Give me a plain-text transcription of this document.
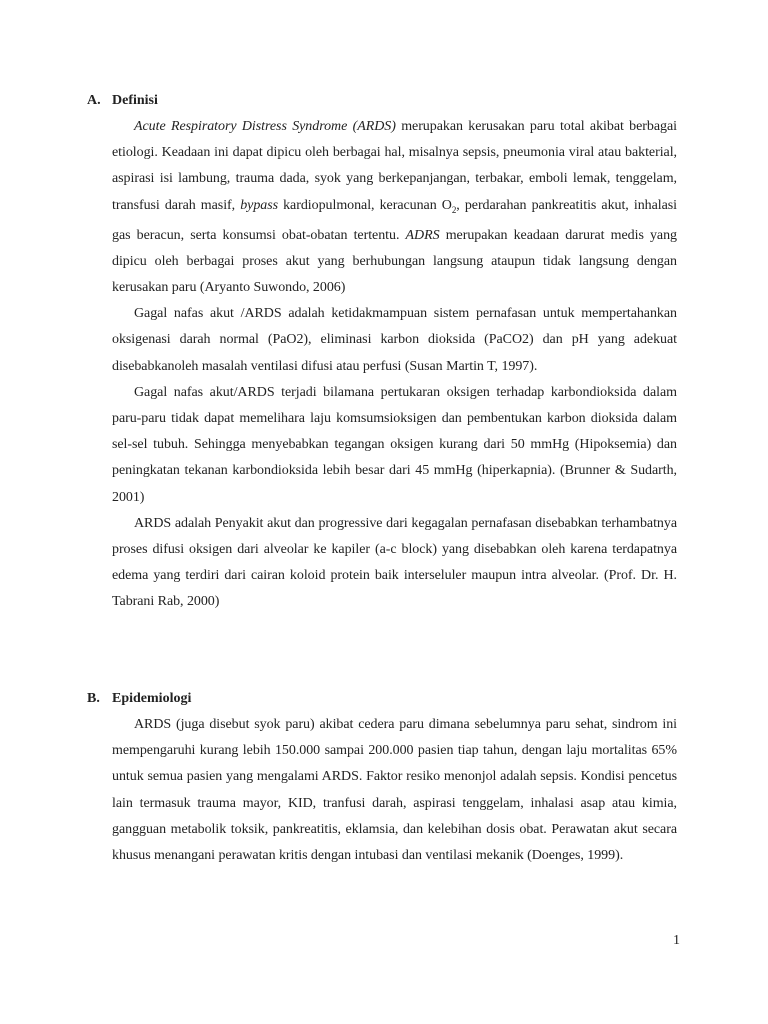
A. Definisi

Acute Respiratory Distress Syndrome (ARDS) merupakan kerusakan paru total akibat berbagai etiologi. Keadaan ini dapat dipicu oleh berbagai hal, misalnya sepsis, pneumonia viral atau bakterial, aspirasi isi lambung, trauma dada, syok yang berkepanjangan, terbakar, emboli lemak, tenggelam, transfusi darah masif, bypass kardiopulmonal, keracunan $O_2$, perdarahan pankreatitis akut, inhalasi gas beracun, serta konsumsi obat-obatan tertentu. ADRS merupakan keadaan darurat medis yang dipicu oleh berbagai proses akut yang berhubungan langsung ataupun tidak langsung dengan kerusakan paru (Aryanto Suwondo, 2006)

Gagal nafas akut /ARDS adalah ketidakmampuan sistem pernafasan untuk mempertahankan oksigenasi darah normal (PaO2), eliminasi karbon dioksida (PaCO2) dan pH yang adekuat disebabkanoleh masalah ventilasi difusi atau perfusi (Susan Martin T, 1997).

Gagal nafas akut/ARDS terjadi bilamana pertukaran oksigen terhadap karbondioksida dalam paru-paru tidak dapat memelihara laju komsumsioksigen dan pembentukan karbon dioksida dalam sel-sel tubuh. Sehingga menyebabkan tegangan oksigen kurang dari 50 mmHg (Hipoksemia) dan peningkatan tekanan karbondioksida lebih besar dari 45 mmHg (hiperkapnia). (Brunner & Sudarth, 2001)

ARDS adalah Penyakit akut dan progressive dari kegagalan pernafasan disebabkan terhambatnya proses difusi oksigen dari alveolar ke kapiler (a-c block) yang disebabkan oleh karena terdapatnya edema yang terdiri dari cairan koloid protein baik interseluler maupun intra alveolar. (Prof. Dr. H. Tabrani Rab, 2000)

B. Epidemiologi

ARDS (juga disebut syok paru) akibat cedera paru dimana sebelumnya paru sehat, sindrom ini mempengaruhi kurang lebih 150.000 sampai 200.000 pasien tiap tahun, dengan laju mortalitas 65% untuk semua pasien yang mengalami ARDS. Faktor resiko menonjol adalah sepsis. Kondisi pencetus lain termasuk trauma mayor, KID, tranfusi darah, aspirasi tenggelam, inhalasi asap atau kimia, gangguan metabolik toksik, pankreatitis, eklamsia, dan kelebihan dosis obat. Perawatan akut secara khusus menangani perawatan kritis dengan intubasi dan ventilasi mekanik (Doenges, 1999).

1
